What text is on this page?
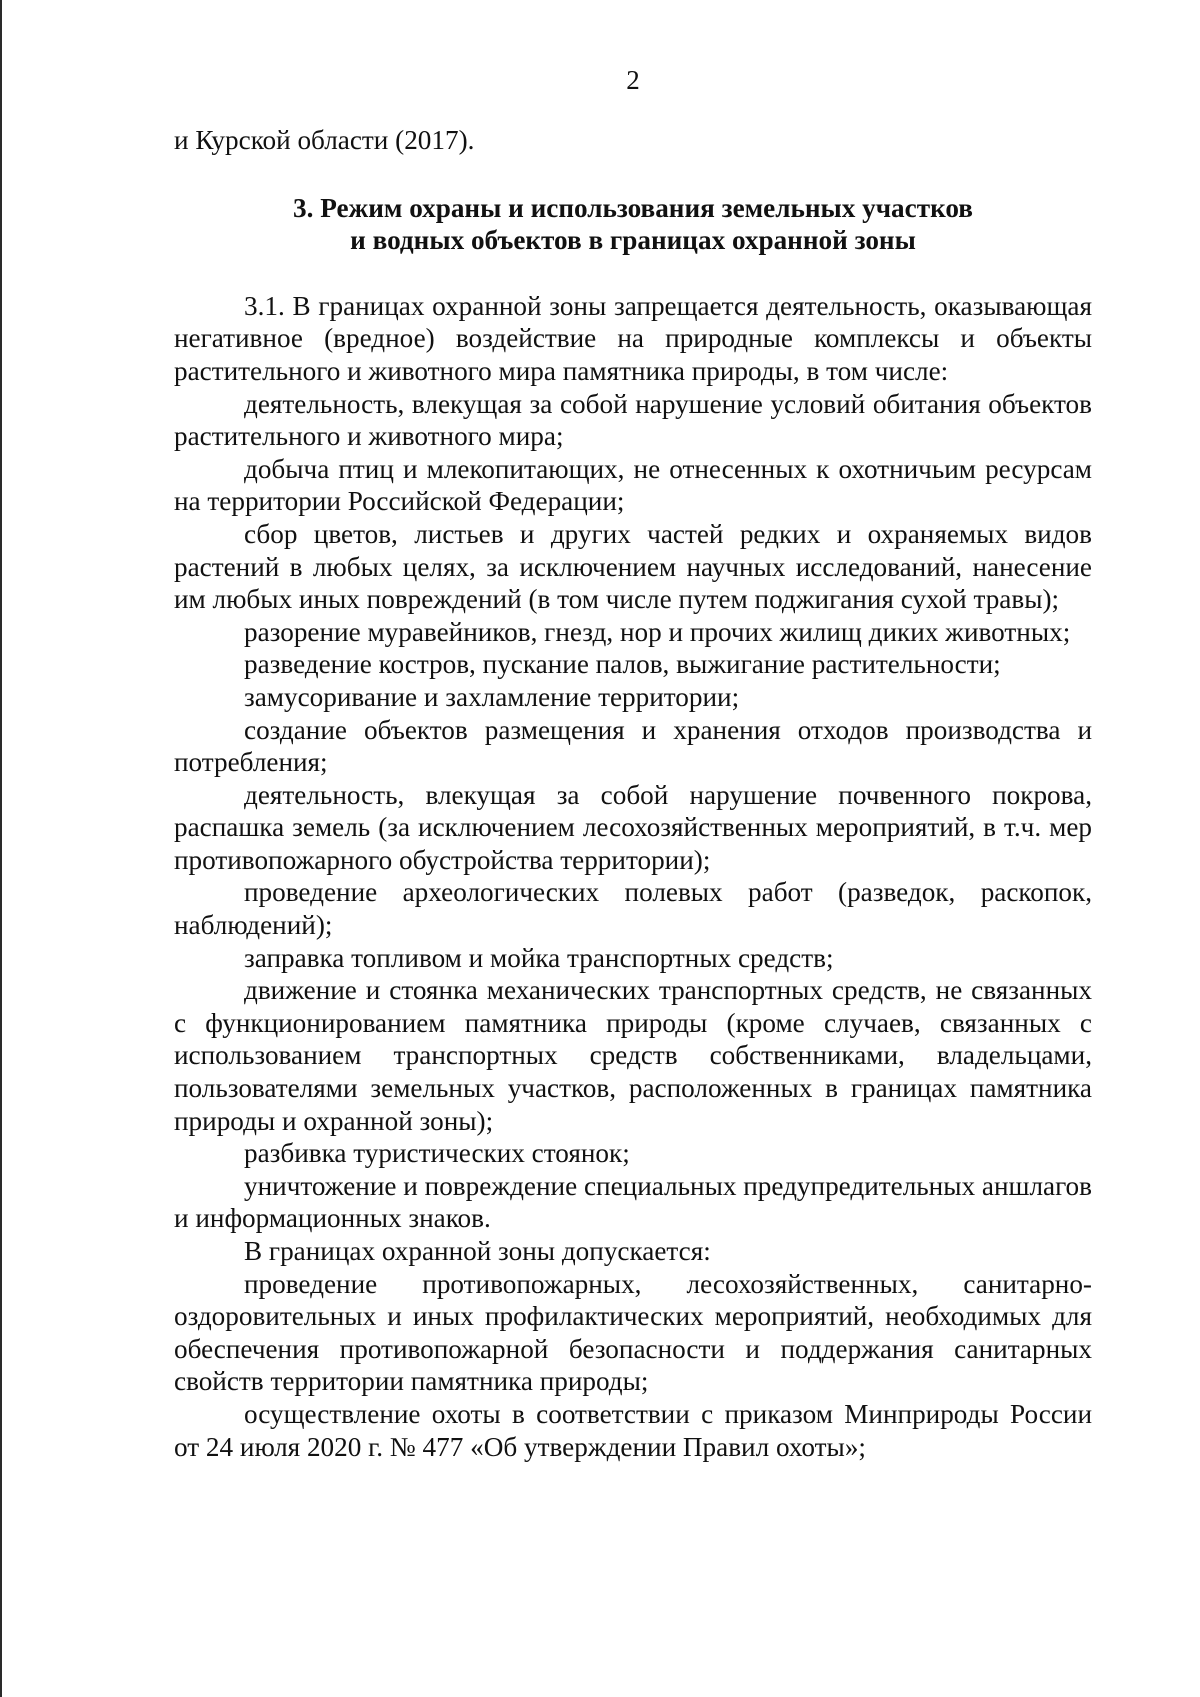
2

и Курской области (2017).

3. Режим охраны и использования земельных участков
и водных объектов в границах охранной зоны

3.1. В границах охранной зоны запрещается деятельность, оказывающая негативное (вредное) воздействие на природные комплексы и объекты растительного и животного мира памятника природы, в том числе:

деятельность, влекущая за собой нарушение условий обитания объектов растительного и животного мира;

добыча птиц и млекопитающих, не отнесенных к охотничьим ресурсам на территории Российской Федерации;

сбор цветов, листьев и других частей редких и охраняемых видов растений в любых целях, за исключением научных исследований, нанесение им любых иных повреждений (в том числе путем поджигания сухой травы);

разорение муравейников, гнезд, нор и прочих жилищ диких животных;

разведение костров, пускание палов, выжигание растительности;

замусоривание и захламление территории;

создание объектов размещения и хранения отходов производства и потребления;

деятельность, влекущая за собой нарушение почвенного покрова, распашка земель (за исключением лесохозяйственных мероприятий, в т.ч. мер противопожарного обустройства территории);

проведение археологических полевых работ (разведок, раскопок, наблюдений);

заправка топливом и мойка транспортных средств;

движение и стоянка механических транспортных средств, не связанных с функционированием памятника природы (кроме случаев, связанных с использованием транспортных средств собственниками, владельцами, пользователями земельных участков, расположенных в границах памятника природы и охранной зоны);

разбивка туристических стоянок;

уничтожение и повреждение специальных предупредительных аншлагов и информационных знаков.

В границах охранной зоны допускается:

проведение противопожарных, лесохозяйственных, санитарно-оздоровительных и иных профилактических мероприятий, необходимых для обеспечения противопожарной безопасности и поддержания санитарных свойств территории памятника природы;

осуществление охоты в соответствии с приказом Минприроды России от 24 июля 2020 г. № 477 «Об утверждении Правил охоты»;
